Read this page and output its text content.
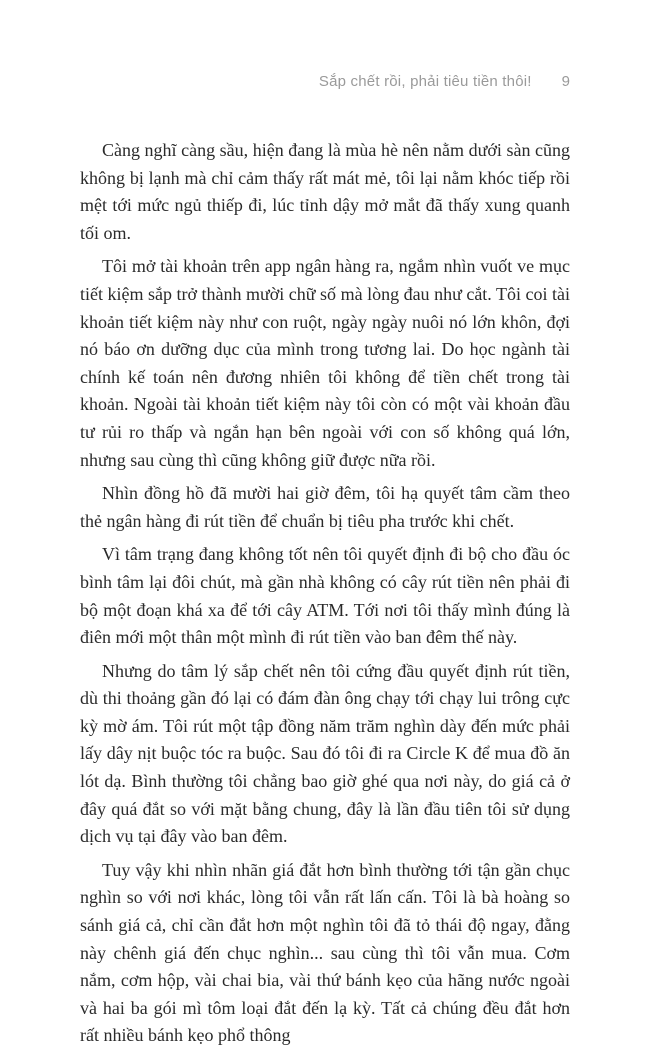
Sắp chết rồi, phải tiêu tiền thôi! 9

Càng nghĩ càng sầu, hiện đang là mùa hè nên nằm dưới sàn cũng không bị lạnh mà chỉ cảm thấy rất mát mẻ, tôi lại nằm khóc tiếp rồi mệt tới mức ngủ thiếp đi, lúc tỉnh dậy mở mắt đã thấy xung quanh tối om.

Tôi mở tài khoản trên app ngân hàng ra, ngắm nhìn vuốt ve mục tiết kiệm sắp trở thành mười chữ số mà lòng đau như cắt. Tôi coi tài khoản tiết kiệm này như con ruột, ngày ngày nuôi nó lớn khôn, đợi nó báo ơn dưỡng dục của mình trong tương lai. Do học ngành tài chính kế toán nên đương nhiên tôi không để tiền chết trong tài khoản. Ngoài tài khoản tiết kiệm này tôi còn có một vài khoản đầu tư rủi ro thấp và ngắn hạn bên ngoài với con số không quá lớn, nhưng sau cùng thì cũng không giữ được nữa rồi.

Nhìn đồng hồ đã mười hai giờ đêm, tôi hạ quyết tâm cầm theo thẻ ngân hàng đi rút tiền để chuẩn bị tiêu pha trước khi chết.

Vì tâm trạng đang không tốt nên tôi quyết định đi bộ cho đầu óc bình tâm lại đôi chút, mà gần nhà không có cây rút tiền nên phải đi bộ một đoạn khá xa để tới cây ATM. Tới nơi tôi thấy mình đúng là điên mới một thân một mình đi rút tiền vào ban đêm thế này.

Nhưng do tâm lý sắp chết nên tôi cứng đầu quyết định rút tiền, dù thi thoảng gần đó lại có đám đàn ông chạy tới chạy lui trông cực kỳ mờ ám. Tôi rút một tập đồng năm trăm nghìn dày đến mức phải lấy dây nịt buộc tóc ra buộc. Sau đó tôi đi ra Circle K để mua đồ ăn lót dạ. Bình thường tôi chẳng bao giờ ghé qua nơi này, do giá cả ở đây quá đắt so với mặt bằng chung, đây là lần đầu tiên tôi sử dụng dịch vụ tại đây vào ban đêm.

Tuy vậy khi nhìn nhãn giá đắt hơn bình thường tới tận gần chục nghìn so với nơi khác, lòng tôi vẫn rất lấn cấn. Tôi là bà hoàng so sánh giá cả, chỉ cần đắt hơn một nghìn tôi đã tỏ thái độ ngay, đằng này chênh giá đến chục nghìn... sau cùng thì tôi vẫn mua. Cơm nắm, cơm hộp, vài chai bia, vài thứ bánh kẹo của hãng nước ngoài và hai ba gói mì tôm loại đắt đến lạ kỳ. Tất cả chúng đều đắt hơn rất nhiều bánh kẹo phổ thông
